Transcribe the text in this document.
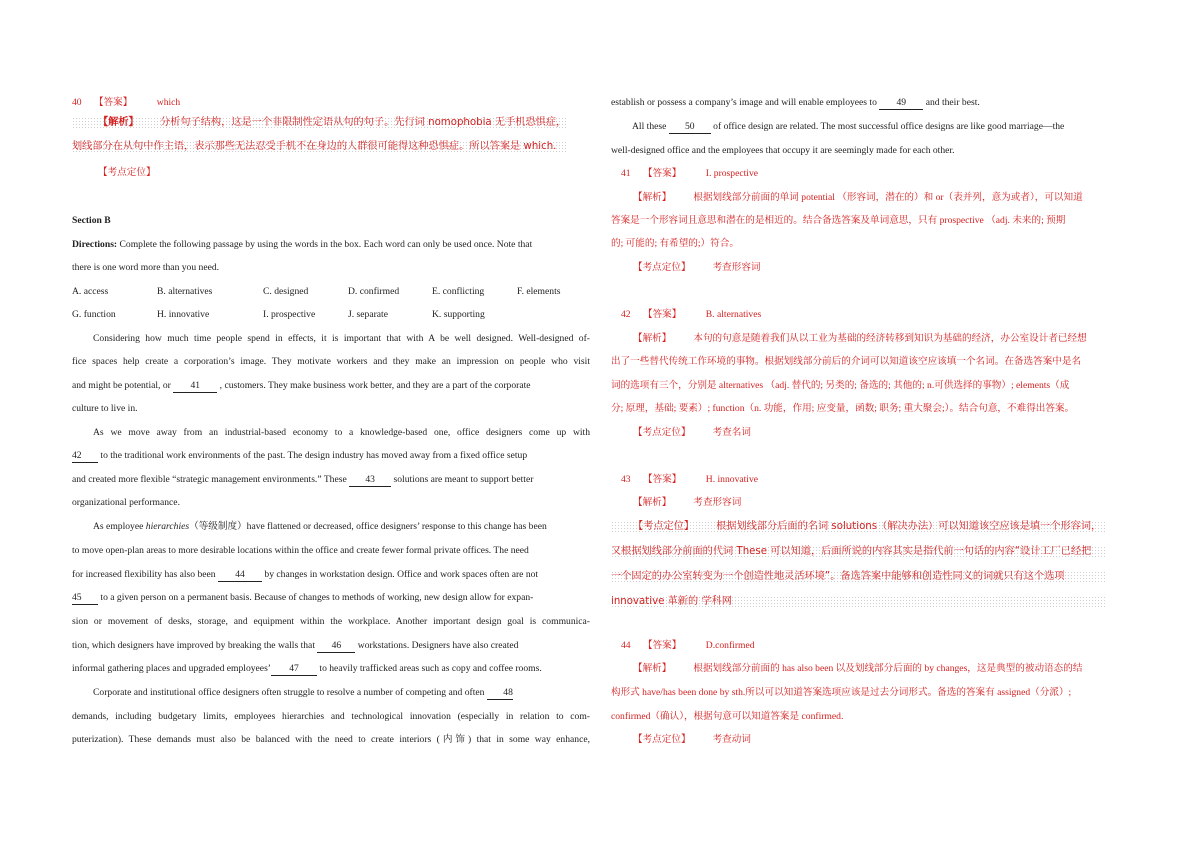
40 【答案】	which
【解析】 分析句子结构，这是一个非限制性定语从句的句子。先行词 nomophobia 无手机恐惧症，
划线部分在从句中作主语，表示那些无法忍受手机不在身边的人群很可能得这种恐惧症。所以答案是 which.
【考点定位】
Section B
Directions: Complete the following passage by using the words in the box. Each word can only be used once. Note that
there is one word more than you need.
A. access	B. alternatives	C. designed	D. confirmed	E. conflicting	F. elements
G. function	H. innovative	I. prospective	J. separate	K. supporting
Considering how much time people spend in effects, it is important that with A be well designed. Well-designed of-
fice spaces help create a corporation’s image. They motivate workers and they make an impression on people who visit
and might be potential, or 41 , customers. They make business work better, and they are a part of the corporate
culture to live in.
As we move away from an industrial-based economy to a knowledge-based one, office designers come up with
42 to the traditional work environments of the past. The design industry has moved away from a fixed office setup
and created more flexible “strategic management environments.” These 43 solutions are meant to support better
organizational performance.
As employee hierarchies（等级制度）have flattened or decreased, office designers’ response to this change has been
to move open-plan areas to more desirable locations within the office and create fewer formal private offices. The need
for increased flexibility has also been 44 by changes in workstation design. Office and work spaces often are not
45 to a given person on a permanent basis. Because of changes to methods of working, new design allow for expan-
sion or movement of desks, storage, and equipment within the workplace. Another important design goal is communica-
tion, which designers have improved by breaking the walls that 46 workstations. Designers have also created
informal gathering places and upgraded employees’ 47 to heavily trafficked areas such as copy and coffee rooms.
Corporate and institutional office designers often struggle to resolve a number of competing and often 48
demands, including budgetary limits, employees hierarchies and technological innovation (especially in relation to com-
puterization). These demands must also be balanced with the need to create interiors (内饰) that in some way enhance,
establish or possess a company’s image and will enable employees to 49 and their best.
All these 50 of office design are related. The most successful office designs are like good marriage—the
well-designed office and the employees that occupy it are seemingly made for each other.
41 【答案】	I. prospective
【解析】 根据划线部分前面的单词 potential （形容词，潜在的）和 or（表并列，意为或者），可以知道
答案是一个形容词且意思和潜在的是相近的。结合备选答案及单词意思，只有 prospective （adj. 未来的; 预期
的; 可能的; 有希望的;）符合。
【考点定位】 考查形容词
42 【答案】	B. alternatives
【解析】 本句的句意是随着我们从以工业为基础的经济转移到知识为基础的经济，办公室设计者已经想
出了一些替代传统工作环境的事物。根据划线部分前后的介词可以知道该空应该填一个名词。在备选答案中是名
词的选项有三个，分别是 alternatives （adj. 替代的; 另类的; 备选的; 其他的; n.可供选择的事物）; elements（成
分; 原理，基础; 要素）; function（n. 功能，作用; 应变量，函数; 职务; 重大聚会;）。结合句意，不难得出答案。
【考点定位】 考查名词
43 【答案】	H. innovative
【解析】 考查形容词
【考点定位】 根据划线部分后面的名词 solutions（解决办法）可以知道该空应该是填一个形容词，
又根据划线部分前面的代词 These 可以知道，后面所说的内容其实是指代前一句话的内容“设计工厂已经把
一个固定的办公室转变为一个创造性地灵活环境”。备选答案中能够和创造性同义的词就只有这个选项
innovative 革新的 学科网
44 【答案】	D.confirmed
【解析】 根据划线部分前面的 has also been 以及划线部分后面的 by changes，这是典型的被动语态的结
构形式 have/has been done by sth.所以可以知道答案选项应该是过去分词形式。备选的答案有 assigned（分派）;
confirmed（确认），根据句意可以知道答案是 confirmed.
【考点定位】 考查动词
